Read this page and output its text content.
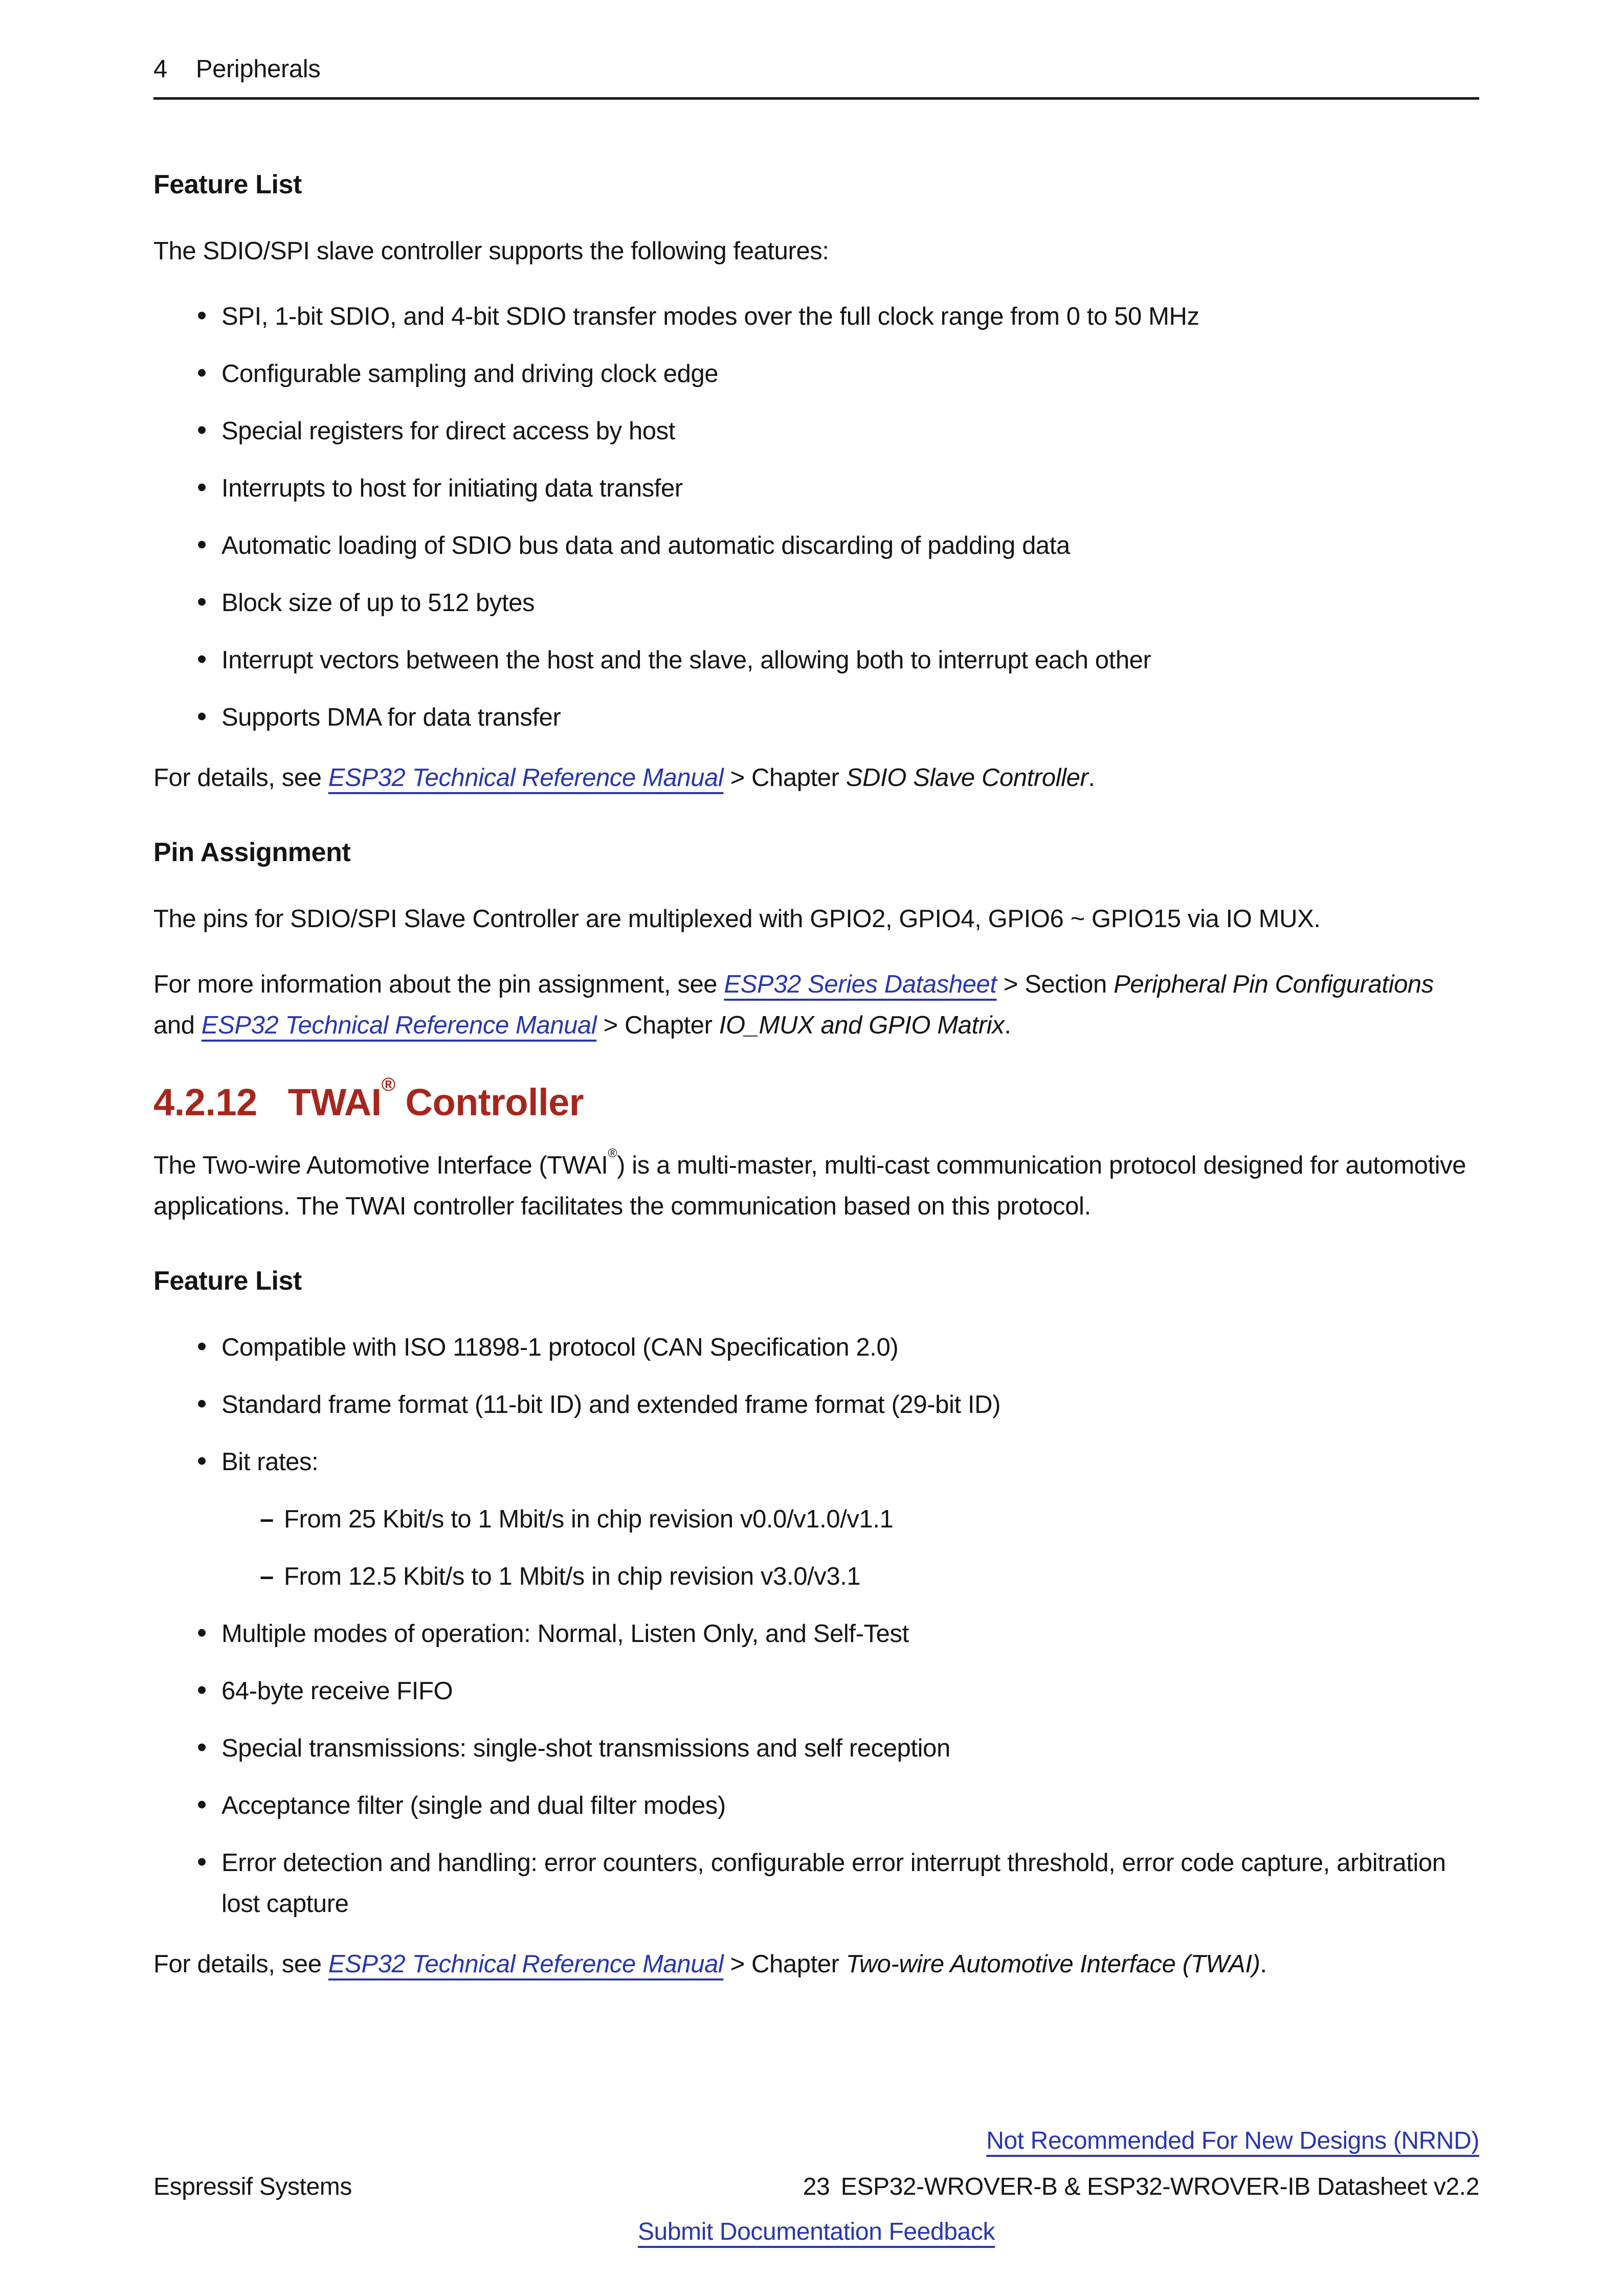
4 Peripherals
Feature List

The SDIO/SPI slave controller supports the following features:

• SPI, 1-bit SDIO, and 4-bit SDIO transfer modes over the full clock range from 0 to 50 MHz
• Configurable sampling and driving clock edge
• Special registers for direct access by host
• Interrupts to host for initiating data transfer
• Automatic loading of SDIO bus data and automatic discarding of padding data
• Block size of up to 512 bytes
• Interrupt vectors between the host and the slave, allowing both to interrupt each other
• Supports DMA for data transfer

For details, see ESP32 Technical Reference Manual > Chapter SDIO Slave Controller.

Pin Assignment

The pins for SDIO/SPI Slave Controller are multiplexed with GPIO2, GPIO4, GPIO6 ~ GPIO15 via IO MUX.

For more information about the pin assignment, see ESP32 Series Datasheet > Section Peripheral Pin Configurations and ESP32 Technical Reference Manual > Chapter IO_MUX and GPIO Matrix.

4.2.12 TWAI® Controller

The Two-wire Automotive Interface (TWAI®) is a multi-master, multi-cast communication protocol designed for automotive applications. The TWAI controller facilitates the communication based on this protocol.

Feature List
• Compatible with ISO 11898-1 protocol (CAN Specification 2.0)
• Standard frame format (11-bit ID) and extended frame format (29-bit ID)
• Bit rates:
– From 25 Kbit/s to 1 Mbit/s in chip revision v0.0/v1.0/v1.1
– From 12.5 Kbit/s to 1 Mbit/s in chip revision v3.0/v3.1
• Multiple modes of operation: Normal, Listen Only, and Self-Test
• 64-byte receive FIFO
• Special transmissions: single-shot transmissions and self reception
• Acceptance filter (single and dual filter modes)
• Error detection and handling: error counters, configurable error interrupt threshold, error code capture, arbitration lost capture

For details, see ESP32 Technical Reference Manual > Chapter Two-wire Automotive Interface (TWAI).

Not Recommended For New Designs (NRND)
Espressif Systems	23 ESP32-WROVER-B & ESP32-WROVER-IB Datasheet v2.2
Submit Documentation Feedback
